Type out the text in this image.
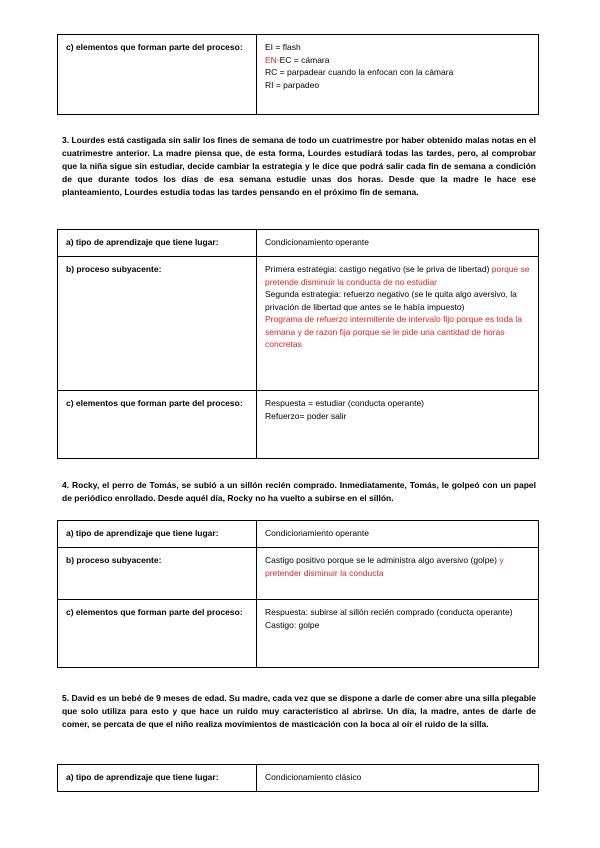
c) elementos que forman parte del proceso:	EI = flash
EN-EC = cámara
RC = parpadear cuando la enfocan con la cámara
RI = parpadeo
3. Lourdes está castigada sin salir los fines de semana de todo un cuatrimestre por haber obtenido malas notas en el cuatrimestre anterior. La madre piensa que, de esta forma, Lourdes estudiará todas las tardes, pero, al comprobar que la niña sigue sin estudiar, decide cambiar la estrategia y le dice que podrá salir cada fin de semana a condición de que durante todos los días de esa semana estudie unas dos horas. Desde que la madre le hace ese planteamiento, Lourdes estudia todas las tardes pensando en el próximo fin de semana.
a) tipo de aprendizaje que tiene lugar:	Condicionamiento operante
b) proceso subyacente:	Primera estrategia: castigo negativo (se le priva de libertad) porque se pretende disminuir la conducta de no estudiar
Segunda estrategia: refuerzo negativo (se le quita algo aversivo, la privación de libertad que antes se le había impuesto)
Programa de refuerzo intermitente de intervalo fijo porque es toda la semana y de razon fija porque se le pide una cantidad de horas concretas

c) elementos que forman parte del proceso:	Respuesta = estudiar (conducta operante)
Refuerzo= poder salir
4. Rocky, el perro de Tomás, se subió a un sillón recién comprado. Inmediatamente, Tomás, le golpeó con un papel de periódico enrollado. Desde aquél día, Rocky no ha vuelto a subirse en el sillón.
a) tipo de aprendizaje que tiene lugar:	Condicionamiento operante
b) proceso subyacente:	Castigo positivo porque se le administra algo aversivo (golpe) y pretender disminuir la conducta
c) elementos que forman parte del proceso:	Respuesta: subirse al sillón recién comprado (conducta operante)
Castigo: golpe
5. David es un bebé de 9 meses de edad. Su madre, cada vez que se dispone a darle de comer abre una silla plegable que solo utiliza para esto y que hace un ruido muy característico al abrirse. Un día, la madre, antes de darle de comer, se percata de que el niño realiza movimientos de masticación con la boca al oír el ruido de la silla.
a) tipo de aprendizaje que tiene lugar:	Condicionamiento clásico
